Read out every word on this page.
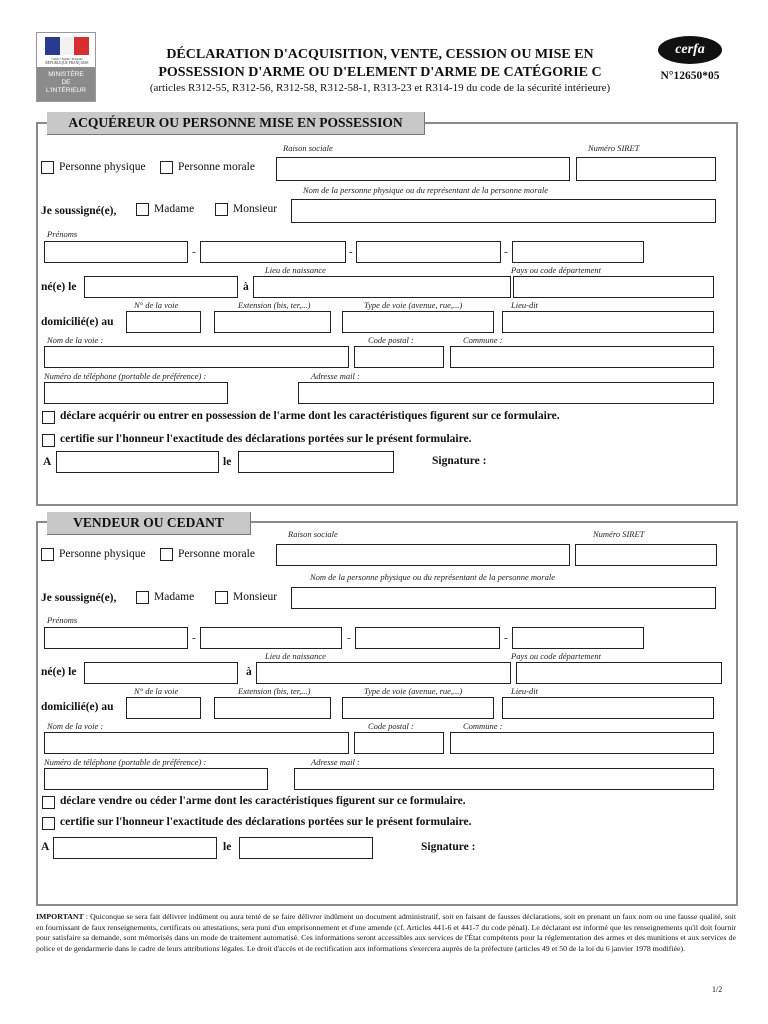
Liberté • Égalité • Fraternité
RÉPUBLIQUE FRANÇAISE
MINISTÈRE
DE
L'INTÉRIEUR
DÉCLARATION D'ACQUISITION, VENTE, CESSION OU MISE EN
POSSESSION D'ARME OU D'ELEMENT D'ARME DE CATÉGORIE C
(articles R312-55, R312-56, R312-58, R312-58-1, R313-23 et R314-19 du code de la sécurité intérieure)
cerfa
N°12650*05
ACQUÉREUR OU PERSONNE MISE EN POSSESSION
Raison sociale	Numéro SIRET
Personne physique	Personne morale
Nom de la personne physique ou du représentant de la personne morale
Je soussigné(e),	Madame	Monsieur
Prénoms
-	-	-
Lieu de naissance	Pays ou code département
né(e) le	à
N° de la voie	Extension (bis, ter,...)	Type de voie (avenue, rue,...)	Lieu-dit
domicilié(e) au
Nom de la voie :	Code postal :	Commune :
Numéro de téléphone (portable de préférence) :	Adresse mail :
déclare acquérir ou entrer en possession de l'arme dont les caractéristiques figurent sur ce formulaire.
certifie sur l'honneur l'exactitude des déclarations portées sur le présent formulaire.
A	le	Signature :
VENDEUR OU CEDANT
Raison sociale	Numéro SIRET
Personne physique	Personne morale
Nom de la personne physique ou du représentant de la personne morale
Je soussigné(e),	Madame	Monsieur
Prénoms
-	-	-
Lieu de naissance	Pays ou code département
né(e) le	à
N° de la voie	Extension (bis, ter,...)	Type de voie (avenue, rue,...)	Lieu-dit
domicilié(e) au
Nom de la voie :	Code postal :	Commune :
Numéro de téléphone (portable de préférence) :	Adresse mail :
déclare vendre ou céder l'arme dont les caractéristiques figurent sur ce formulaire.
certifie sur l'honneur l'exactitude des déclarations portées sur le présent formulaire.
A	le	Signature :
IMPORTANT : Quiconque se sera fait délivrer indûment ou aura tenté de se faire délivrer indûment un document administratif, soit en faisant de fausses déclarations, soit en prenant un faux nom ou une fausse qualité, soit en fournissant de faux renseignements, certificats ou attestations, sera puni d'un emprisonnement et d'une amende (cf. Articles 441-6 et 441-7 du code pénal). Le déclarant est informé que les renseignements qu'il doit fournir pour satisfaire sa demande, sont mémorisés dans un mode de traitement automatisé. Ces informations seront accessibles aux services de l'État compétents pour la réglementation des armes et des munitions et aux services de police et de gendarmerie dans le cadre de leurs attributions légales. Le droit d'accès et de rectification aux informations s'exercera auprès de la préfecture (articles 49 et 50 de la loi du 6 janvier 1978 modifiée).
1/2
